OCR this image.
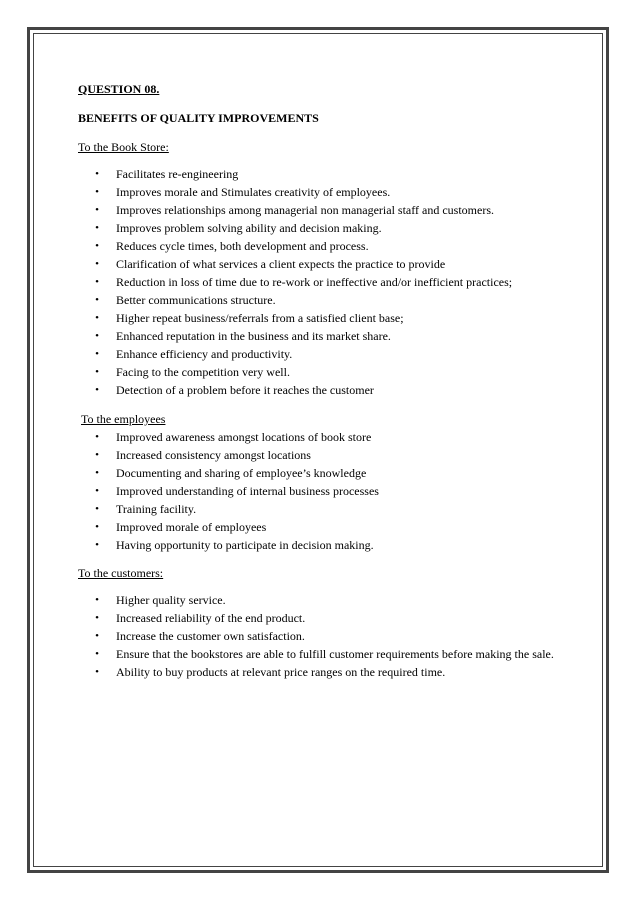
QUESTION 08.

BENEFITS OF QUALITY IMPROVEMENTS

To the Book Store:

• Facilitates re-engineering
• Improves morale and Stimulates creativity of employees.
• Improves relationships among managerial non managerial staff and customers.
• Improves problem solving ability and decision making.
• Reduces cycle times, both development and process.
• Clarification of what services a client expects the practice to provide
• Reduction in loss of time due to re-work or ineffective and/or inefficient practices;
• Better communications structure.
• Higher repeat business/referrals from a satisfied client base;
• Enhanced reputation in the business and its market share.
• Enhance efficiency and productivity.
• Facing to the competition very well.
• Detection of a problem before it reaches the customer

To the employees

• Improved awareness amongst locations of book store
• Increased consistency amongst locations
• Documenting and sharing of employee’s knowledge
• Improved understanding of internal business processes
• Training facility.
• Improved morale of employees
• Having opportunity to participate in decision making.

To the customers:

• Higher quality service.
• Increased reliability of the end product.
• Increase the customer own satisfaction.
• Ensure that the bookstores are able to fulfill customer requirements before making the sale.
• Ability to buy products at relevant price ranges on the required time.
